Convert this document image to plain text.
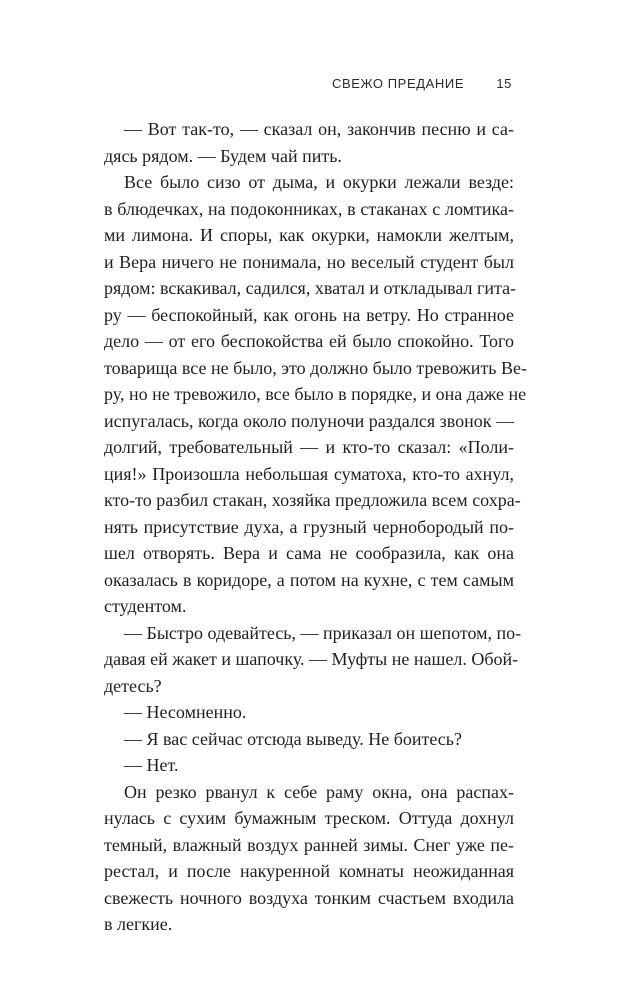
СВЕЖО ПРЕДАНИЕ 15
— Вот так-то, — сказал он, закончив песню и са-
дясь рядом. — Будем чай пить.
Все было сизо от дыма, и окурки лежали везде:
в блюдечках, на подоконниках, в стаканах с ломтика-
ми лимона. И споры, как окурки, намокли желтым,
и Вера ничего не понимала, но веселый студент был
рядом: вскакивал, садился, хватал и откладывал гита-
ру — беспокойный, как огонь на ветру. Но странное
дело — от его беспокойства ей было спокойно. Того
товарища все не было, это должно было тревожить Ве-
ру, но не тревожило, все было в порядке, и она даже не
испугалась, когда около полуночи раздался звонок —
долгий, требовательный — и кто-то сказал: «Поли-
ция!» Произошла небольшая суматоха, кто-то ахнул,
кто-то разбил стакан, хозяйка предложила всем сохра-
нять присутствие духа, а грузный чернобородый по-
шел отворять. Вера и сама не сообразила, как она
оказалась в коридоре, а потом на кухне, с тем самым
студентом.
— Быстро одевайтесь, — приказал он шепотом, по-
давая ей жакет и шапочку. — Муфты не нашел. Обой-
детесь?
— Несомненно.
— Я вас сейчас отсюда выведу. Не боитесь?
— Нет.
Он резко рванул к себе раму окна, она распах-
нулась с сухим бумажным треском. Оттуда дохнул
темный, влажный воздух ранней зимы. Снег уже пе-
рестал, и после накуренной комнаты неожиданная
свежесть ночного воздуха тонким счастьем входила
в легкие.
